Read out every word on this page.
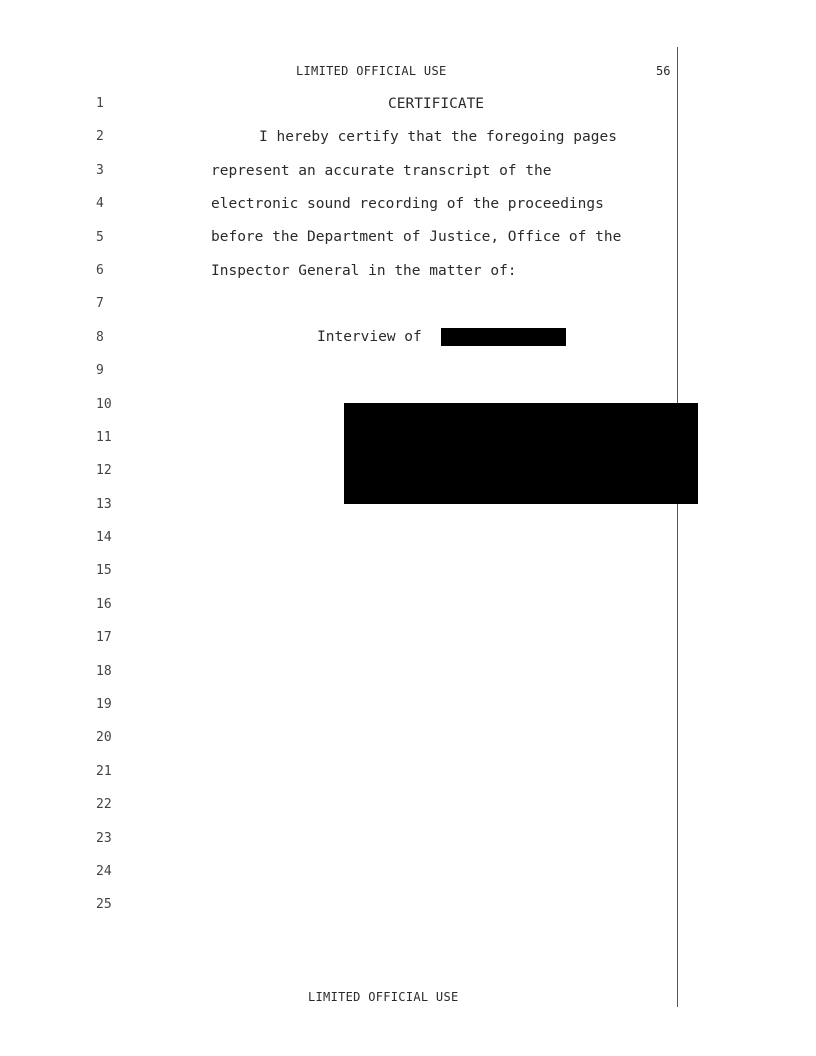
LIMITED OFFICIAL USE	56
1
2
3
4
5
6
7
8
9
10
11
12
13
14
15
16
17
18
19
20
21
22
23
24
25
CERTIFICATE
I hereby certify that the foregoing pages
represent an accurate transcript of the
electronic sound recording of the proceedings
before the Department of Justice, Office of the
Inspector General in the matter of:
Interview of
LIMITED OFFICIAL USE
